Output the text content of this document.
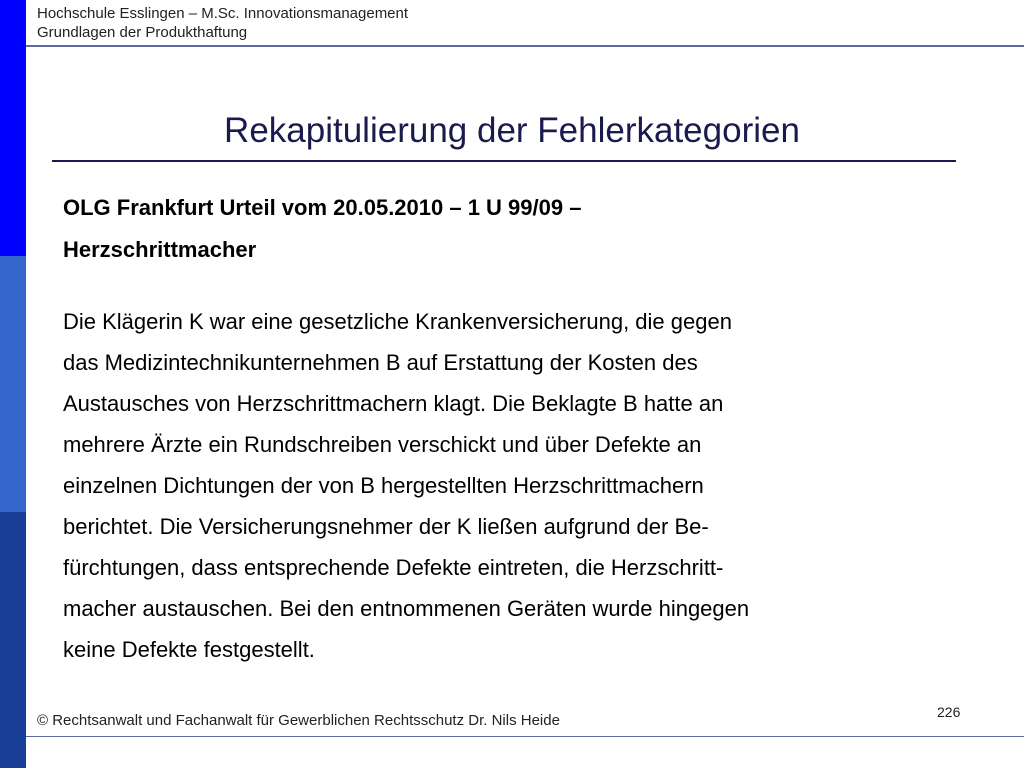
Hochschule Esslingen – M.Sc. Innovationsmanagement
Grundlagen der Produkthaftung
Rekapitulierung der Fehlerkategorien
OLG Frankfurt Urteil vom 20.05.2010 – 1 U 99/09 –
Herzschrittmacher
Die Klägerin K war eine gesetzliche Krankenversicherung, die gegen
das Medizintechnikunternehmen B auf Erstattung der Kosten des
Austausches von Herzschrittmachern klagt. Die Beklagte B hatte an
mehrere Ärzte ein Rundschreiben verschickt und über Defekte an
einzelnen Dichtungen der von B hergestellten Herzschrittmachern
berichtet. Die Versicherungsnehmer der K ließen aufgrund der Be-
fürchtungen, dass entsprechende Defekte eintreten, die Herzschritt-
macher austauschen. Bei den entnommenen Geräten wurde hingegen
keine Defekte festgestellt.
226
© Rechtsanwalt und Fachanwalt für Gewerblichen Rechtsschutz Dr. Nils Heide
